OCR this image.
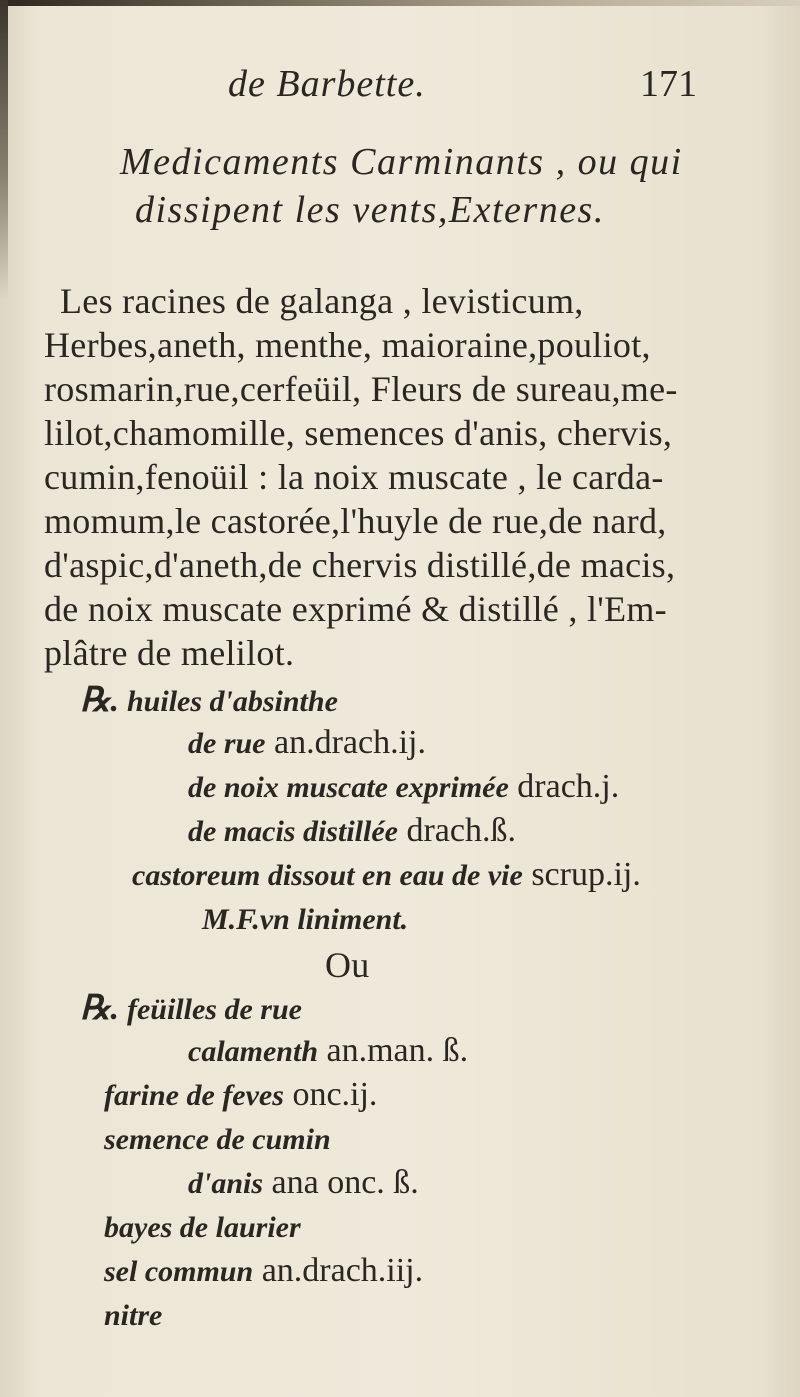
de Barbette.	171
Medicaments Carminants , ou qui
dissipent les vents,Externes.
Les racines de galanga , levisticum,
Herbes,aneth, menthe, maioraine,pouliot,
rosmarin,rue,cerfeüil, Fleurs de sureau,me-
lilot,chamomille, semences d'anis, chervis,
cumin,fenoüil : la noix muscate , le carda-
momum,le castorée,l'huyle de rue,de nard,
d'aspic,d'aneth,de chervis distillé,de macis,
de noix muscate exprimé & distillé , l'Em-
plâtre de melilot.
℞. huiles d'absinthe
de rue an.drach.ij.
de noix muscate exprimée drach.j.
de macis distillée drach.ß.
castoreum dissout en eau de vie scrup.ij.
M.F.vn liniment.
Ou
℞. feüilles de rue
calamenth an.man. ß.
farine de feves onc.ij.
semence de cumin
d'anis ana onc. ß.
bayes de laurier
sel commun an.drach.iij.
nitre
